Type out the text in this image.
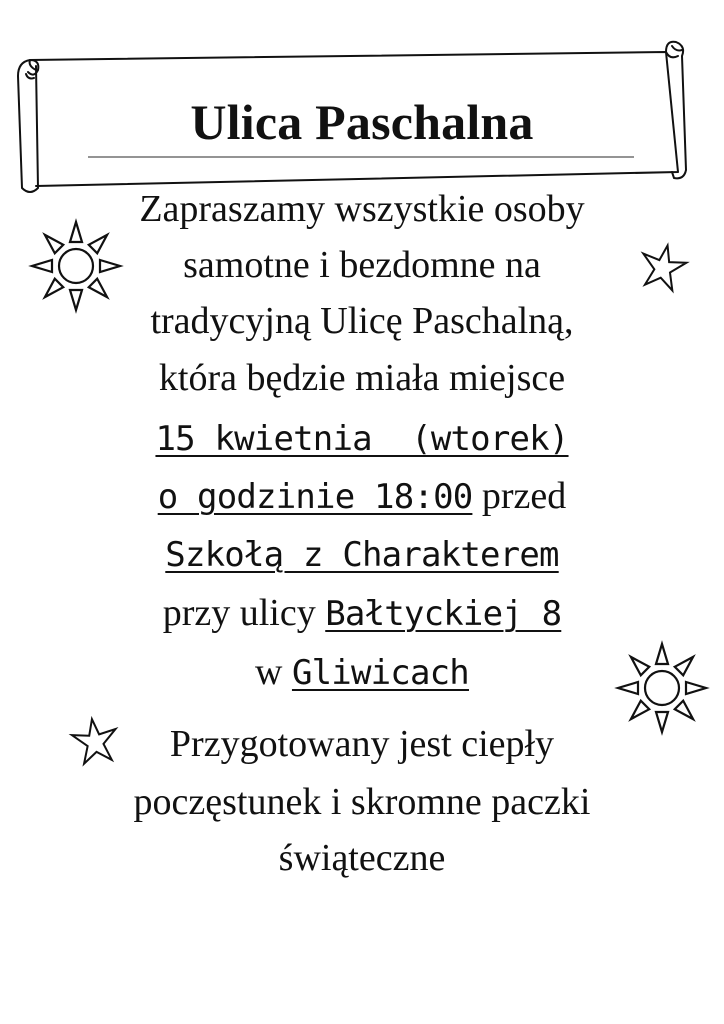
Ulica Paschalna
Zapraszamy wszystkie osoby
samotne i bezdomne na
tradycyjną Ulicę Paschalną,
która będzie miała miejsce
15 kwietnia  (wtorek)
o godzinie 18:00 przed
Szkołą z Charakterem
przy ulicy Bałtyckiej 8
w Gliwicach
Przygotowany jest ciepły
poczęstunek i skromne paczki
świąteczne
